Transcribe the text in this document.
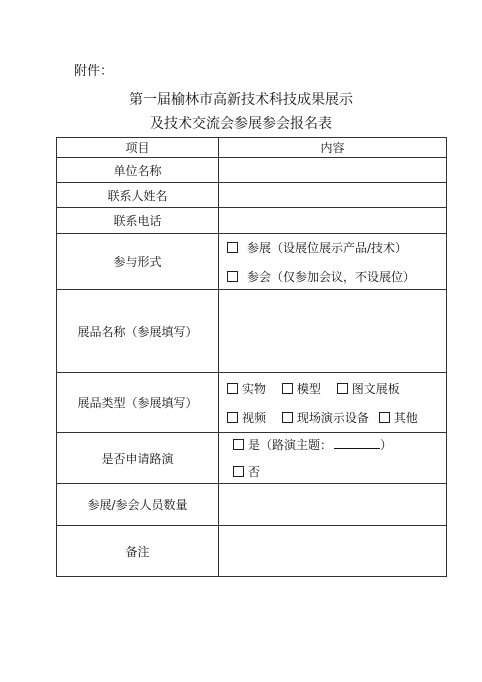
附件：
第一届榆林市高新技术科技成果展示
及技术交流会参展参会报名表
项目	内容
单位名称	
联系人姓名	
联系电话	
参与形式	参展（设展位展示产品/技术）
参会（仅参加会议，不设展位）

展品名称（参展填写）	
展品类型（参展填写）	实物 模型 图文展板
视频 现场演示设备 其他

是否申请路演	是（路演主题： ）
否

参展/参会人员数量	
备注	
